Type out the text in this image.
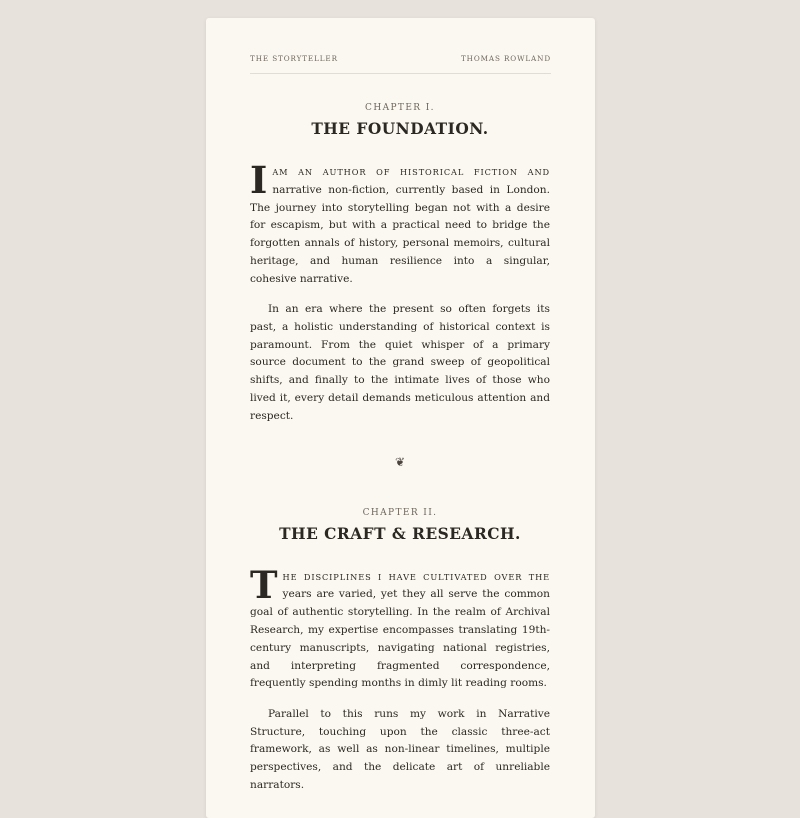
THE STORYTELLER	THOMAS ROWLAND

CHAPTER I.

THE FOUNDATION.

IAM AN AUTHOR OF HISTORICAL FICTION AND narrative non-fiction, currently based in London. The journey into storytelling began not with a desire for escapism, but with a practical need to bridge the forgotten annals of history, personal memoirs, cultural heritage, and human resilience into a singular, cohesive narrative.

In an era where the present so often forgets its past, a holistic understanding of historical context is paramount. From the quiet whisper of a primary source document to the grand sweep of geopolitical shifts, and finally to the intimate lives of those who lived it, every detail demands meticulous attention and respect.

❦

CHAPTER II.

THE CRAFT & RESEARCH.

THE DISCIPLINES I HAVE CULTIVATED OVER THE years are varied, yet they all serve the common goal of authentic storytelling. In the realm of Archival Research, my expertise encompasses translating 19th-century manuscripts, navigating national registries, and interpreting fragmented correspondence, frequently spending months in dimly lit reading rooms.

Parallel to this runs my work in Narrative Structure, touching upon the classic three-act framework, as well as non-linear timelines, multiple perspectives, and the delicate art of unreliable narrators.
